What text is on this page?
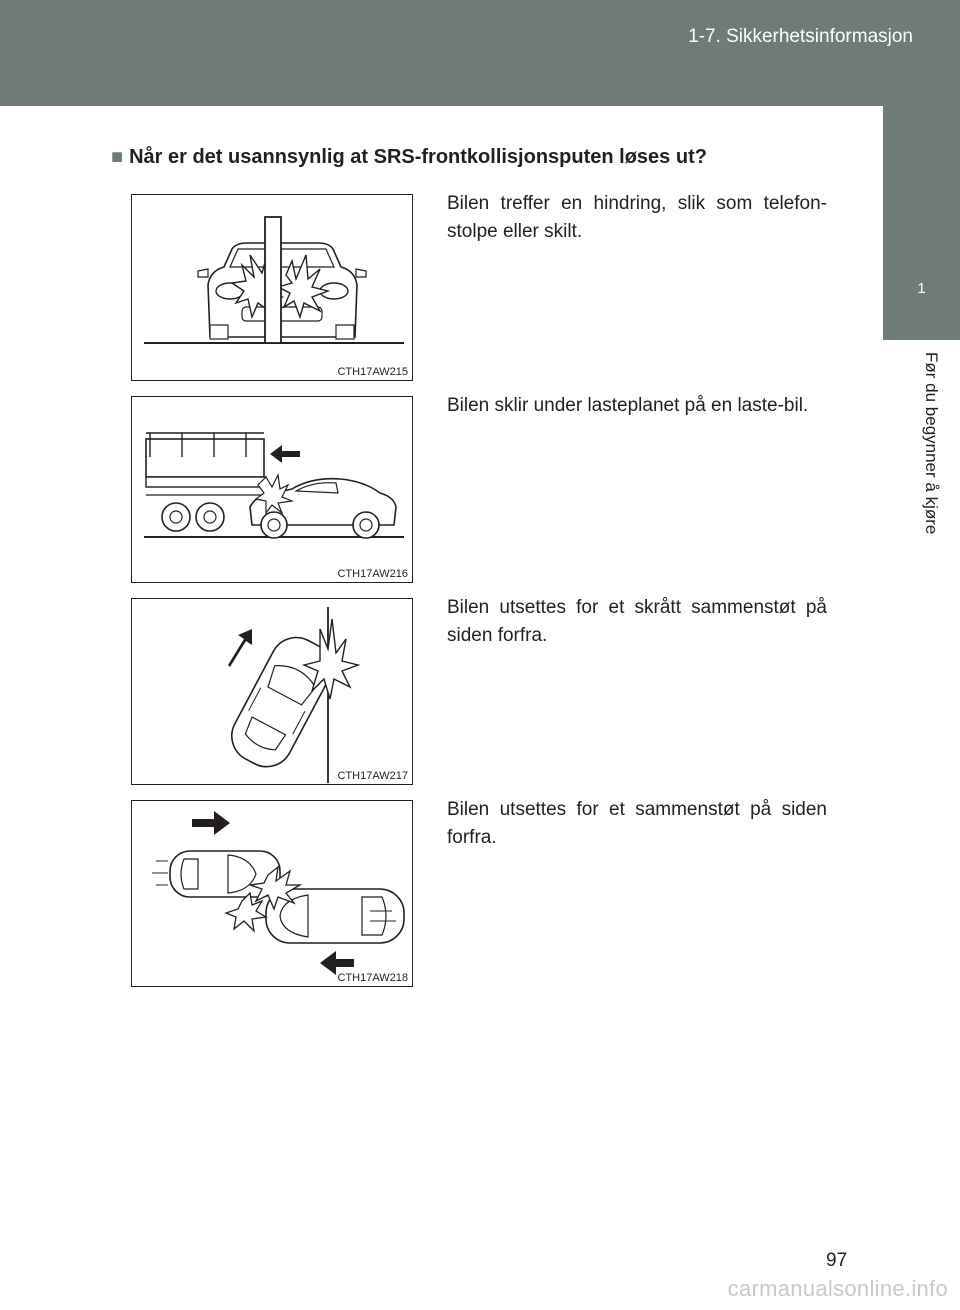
1-7. Sikkerhetsinformasjon
1
Før du begynner å kjøre
■ Når er det usannsynlig at SRS-frontkollisjonsputen løses ut?
CTH17AW215
Bilen treffer en hindring, slik som telefon-stolpe eller skilt.
CTH17AW216
Bilen sklir under lasteplanet på en laste-bil.
CTH17AW217
Bilen utsettes for et skrått sammenstøt på siden forfra.
CTH17AW218
Bilen utsettes for et sammenstøt på siden forfra.
97
carmanualsonline.info
